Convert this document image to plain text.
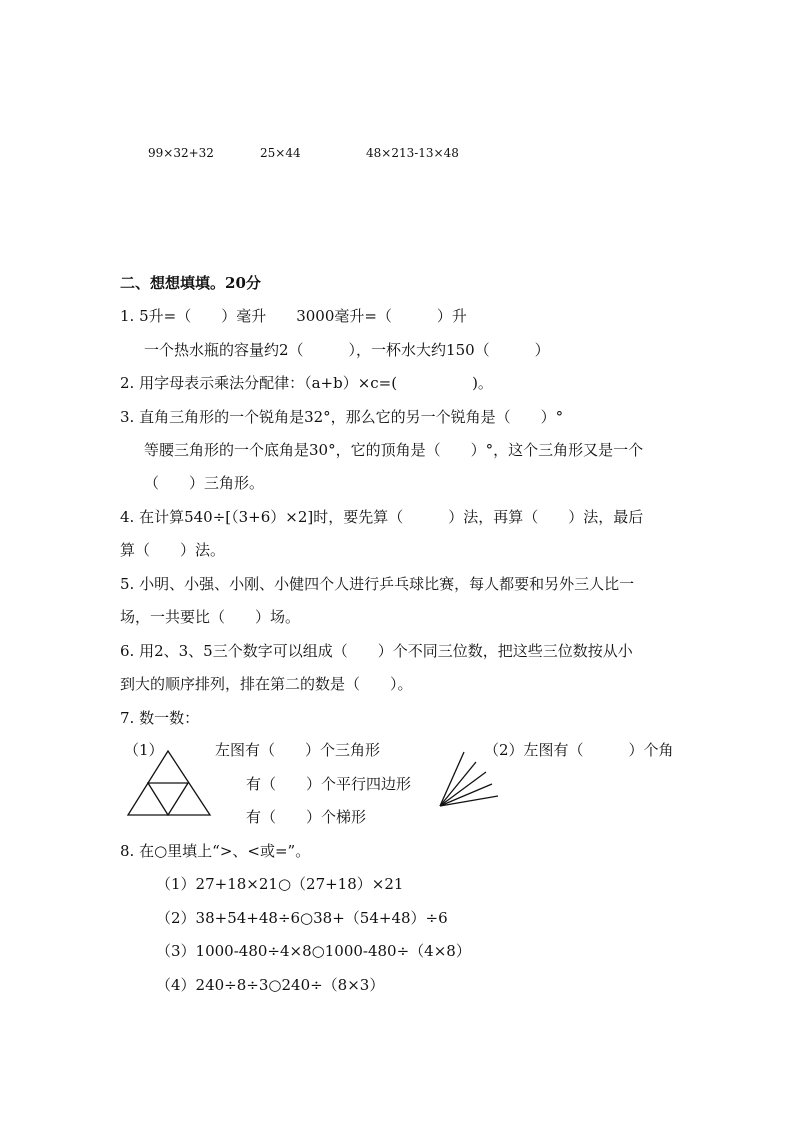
99×32+32	25×44	48×213-13×48
二、想想填填。20分
1. 5升=（　　）毫升　　3000毫升=（　　　）升
一个热水瓶的容量约2（　　　），一杯水大约150（　　　）
2. 用字母表示乘法分配律：（a+b）×c=(　　　　　)。
3. 直角三角形的一个锐角是32°，那么它的另一个锐角是（　　）°
等腰三角形的一个底角是30°，它的顶角是（　　）°，这个三角形又是一个
（　　）三角形。
4. 在计算540÷[（3+6）×2]时，要先算（　　　）法，再算（　　）法，最后
算（　　）法。
5. 小明、小强、小刚、小健四个人进行乒乓球比赛，每人都要和另外三人比一
场，一共要比（　　）场。
6. 用2、3、5三个数字可以组成（　　）个不同三位数，把这些三位数按从小
到大的顺序排列，排在第二的数是（　　）。
7. 数一数：
（1）	左图有（　　）个三角形
有（　　）个平行四边形
有（　　）个梯形
（2）左图有（　　　）个角
8. 在○里填上“>、<或=”。
（1）27+18×21○（27+18）×21
（2）38+54+48÷6○38+（54+48）÷6
（3）1000-480÷4×8○1000-480÷（4×8）
（4）240÷8÷3○240÷（8×3）
